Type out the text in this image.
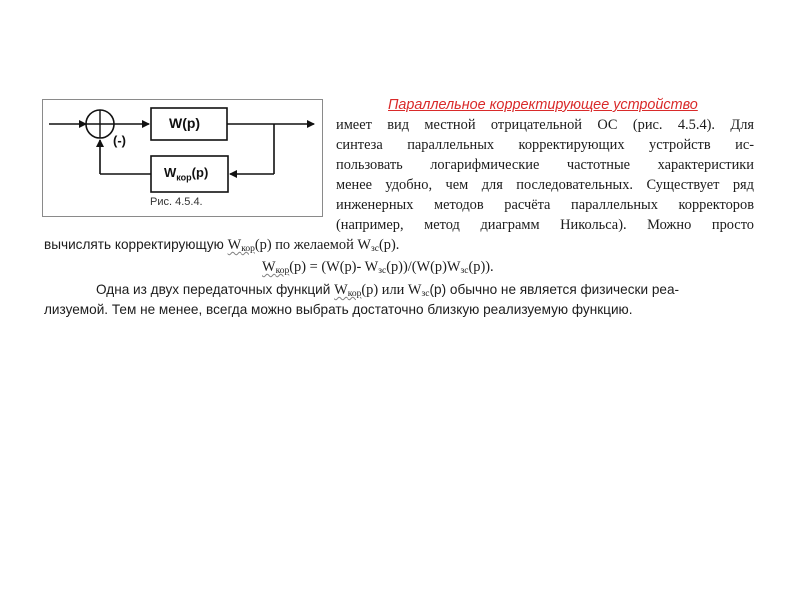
(-)
W(p)
$W_{кор}(p)$
Рис. 4.5.4.
Параллельное корректирующее устройство
имеет вид местной отрицательной ОС (рис. 4.5.4). Для
синтеза параллельных корректирующих устройств ис-
пользовать логарифмические частотные характеристики
менее удобно, чем для последовательных. Существует ряд
инженерных методов расчёта параллельных корректоров
(например, метод диаграмм Никольса). Можно просто
вычислять корректирующую $W_{кор}(p)$ по желаемой $W_{зс}(p)$.
$W_{кор}(p) = (W(p)-$ $W_{зс}(p))/(W(p)W_{зс}(p))$.
Одна из двух передаточных функций $W_{кор}(p)$ или $W_{зс}(p)$ обычно не является физически реа-
лизуемой. Тем не менее, всегда можно выбрать достаточно близкую реализуемую функцию.
